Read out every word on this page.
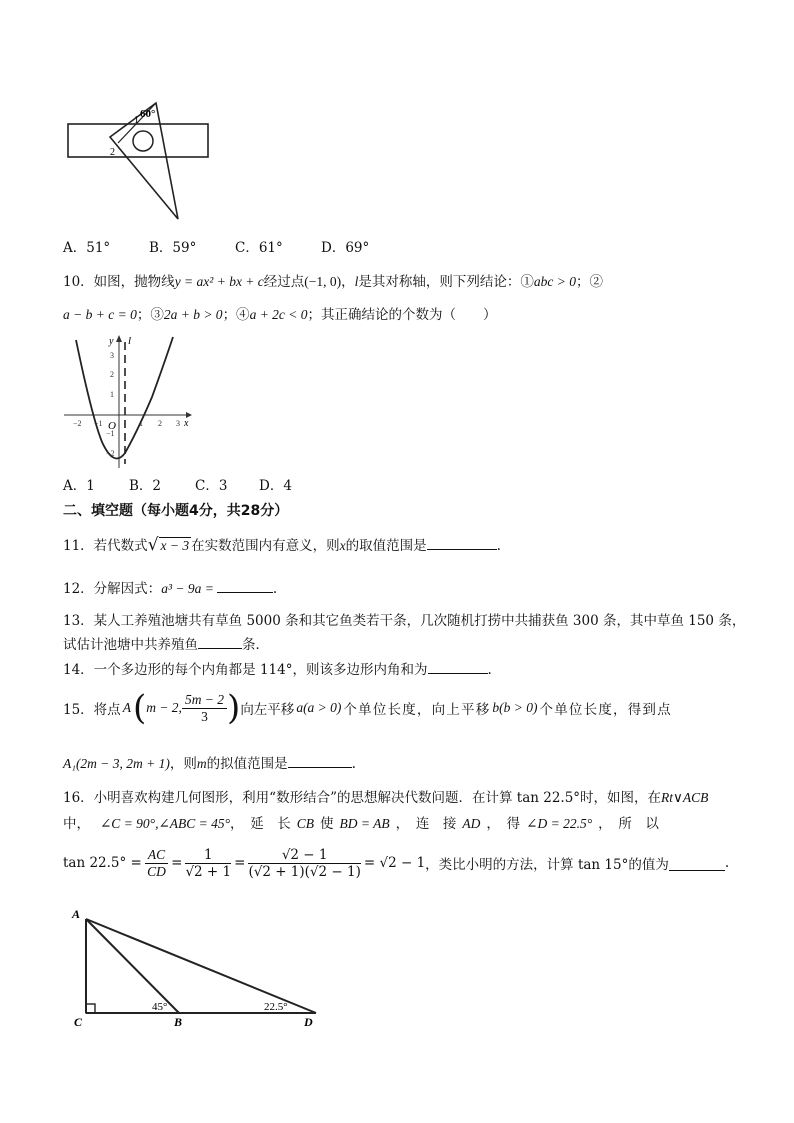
60°
1
2
A．51°	B．59°	C．61°	D．69°
10．如图，抛物线y = ax² + bx + c经过点(−1, 0)，l是其对称轴，则下列结论：①abc > 0；②
a − b + c = 0；③2a + b > 0；④a + 2c < 0；其正确结论的个数为（　　）
−2 −1	1 2 3
3
2
1
−1
−2
y l
x
O
A．1	B．2	C．3 D．4
二、填空题（每小题4分，共28分）
11．若代数式√ x − 3 在实数范围内有意义，则x的取值范围是	.
12．分解因式：a³ − 9a =	.
13．某人工养殖池塘共有草鱼 5000 条和其它鱼类若干条，几次随机打捞中共捕获鱼 300 条，其中草鱼 150 条，
试估计池塘中共养殖鱼	条．
14．一个多边形的每个内角都是 114°，则该多边形内角和为	.
15．将点 A ( m − 2, $\frac{5m - 2}{3}$ ) 向左平移 a(a > 0) 个单位长度，向上平移 b(b > 0) 个单位长度，得到点
A₁(2m − 3, 2m + 1)，则m的拟值范围是	.
16．小明喜欢构建几何图形，利用“数形结合”的思想解决代数问题．在计算 tan 22.5°时，如图，在Rt∨ACB
中， ∠C = 90°,∠ABC = 45°，　延　长 CB 使 BD = AB ，　连　接 AD ，　得 ∠D = 22.5° ，　所　以
$\tan 22.5^\circ = \frac{AC}{CD} = \frac{1}{√2 + 1} = \frac{√2 - 1}{(√2 + 1)(√2 - 1)} = √2 - 1$ ，类比小明的方法，计算 tan 15°的值为	.
A
C	B	D
45°	22.5°
